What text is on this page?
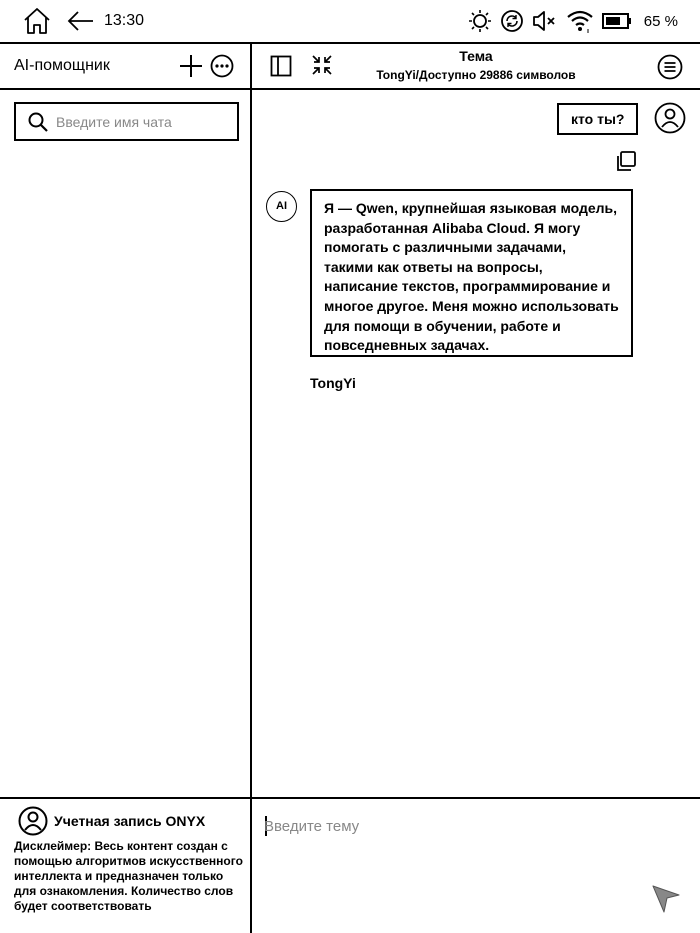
13:30	65 %
AI-помощник
Введите имя чата
Учетная запись ONYX
Дисклеймер: Весь контент создан с помощью алгоритмов искусственного интеллекта и предназначен только для ознакомления. Количество слов будет соответствовать
Тема
TongYi/Доступно 29886 символов
кто ты?
AI	Я — Qwen, крупнейшая языковая модель, разработанная Alibaba Cloud. Я могу помогать с различными задачами, такими как ответы на вопросы, написание текстов, программирование и многое другое. Меня можно использовать для помощи в обучении, работе и повседневных задачах.
TongYi
Введите тему
